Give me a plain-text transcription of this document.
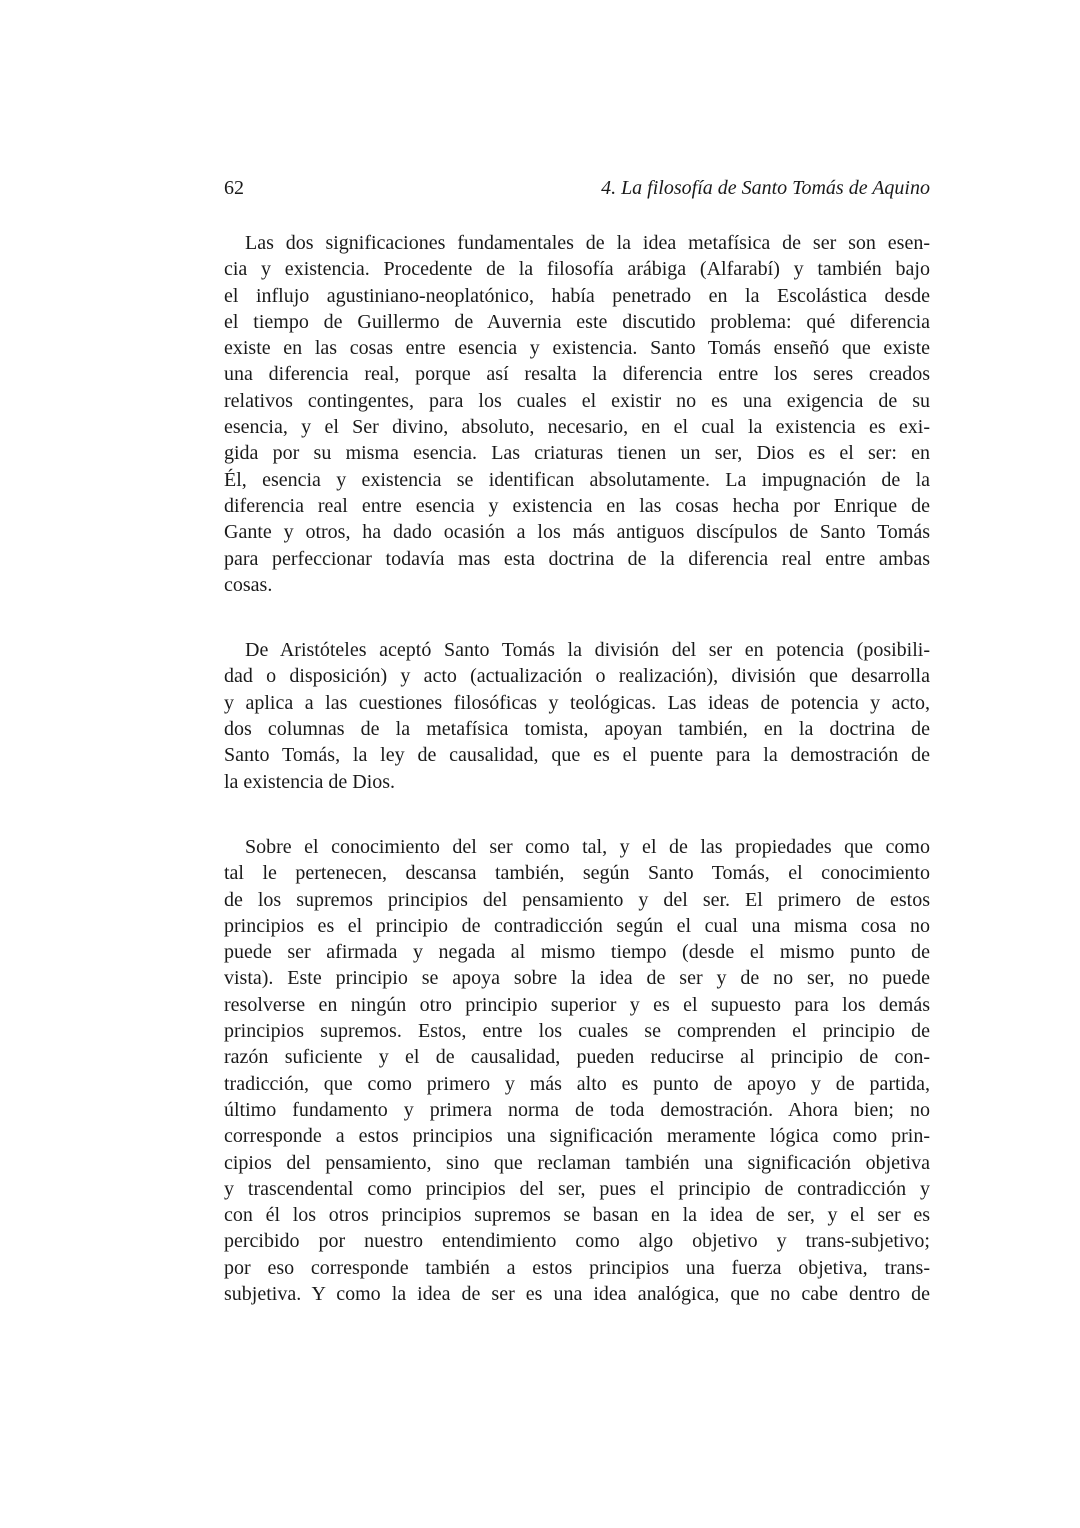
62	4. La filosofía de Santo Tomás de Aquino
Las dos significaciones fundamentales de la idea metafísica de ser son esen-
cia y existencia. Procedente de la filosofía arábiga (Alfarabí) y también bajo
el influjo agustiniano-neoplatónico, había penetrado en la Escolástica desde
el tiempo de Guillermo de Auvernia este discutido problema: qué diferencia
existe en las cosas entre esencia y existencia. Santo Tomás enseñó que existe
una diferencia real, porque así resalta la diferencia entre los seres creados
relativos contingentes, para los cuales el existir no es una exigencia de su
esencia, y el Ser divino, absoluto, necesario, en el cual la existencia es exi-
gida por su misma esencia. Las criaturas tienen un ser, Dios es el ser: en
Él, esencia y existencia se identifican absolutamente. La impugnación de la
diferencia real entre esencia y existencia en las cosas hecha por Enrique de
Gante y otros, ha dado ocasión a los más antiguos discípulos de Santo Tomás
para perfeccionar todavía mas esta doctrina de la diferencia real entre ambas
cosas.
De Aristóteles aceptó Santo Tomás la división del ser en potencia (posibili-
dad o disposición) y acto (actualización o realización), división que desarrolla
y aplica a las cuestiones filosóficas y teológicas. Las ideas de potencia y acto,
dos columnas de la metafísica tomista, apoyan también, en la doctrina de
Santo Tomás, la ley de causalidad, que es el puente para la demostración de
la existencia de Dios.
Sobre el conocimiento del ser como tal, y el de las propiedades que como
tal le pertenecen, descansa también, según Santo Tomás, el conocimiento
de los supremos principios del pensamiento y del ser. El primero de estos
principios es el principio de contradicción según el cual una misma cosa no
puede ser afirmada y negada al mismo tiempo (desde el mismo punto de
vista). Este principio se apoya sobre la idea de ser y de no ser, no puede
resolverse en ningún otro principio superior y es el supuesto para los demás
principios supremos. Estos, entre los cuales se comprenden el principio de
razón suficiente y el de causalidad, pueden reducirse al principio de con-
tradicción, que como primero y más alto es punto de apoyo y de partida,
último fundamento y primera norma de toda demostración. Ahora bien; no
corresponde a estos principios una significación meramente lógica como prin-
cipios del pensamiento, sino que reclaman también una significación objetiva
y trascendental como principios del ser, pues el principio de contradicción y
con él los otros principios supremos se basan en la idea de ser, y el ser es
percibido por nuestro entendimiento como algo objetivo y trans-subjetivo;
por eso corresponde también a estos principios una fuerza objetiva, trans-
subjetiva. Y como la idea de ser es una idea analógica, que no cabe dentro de
